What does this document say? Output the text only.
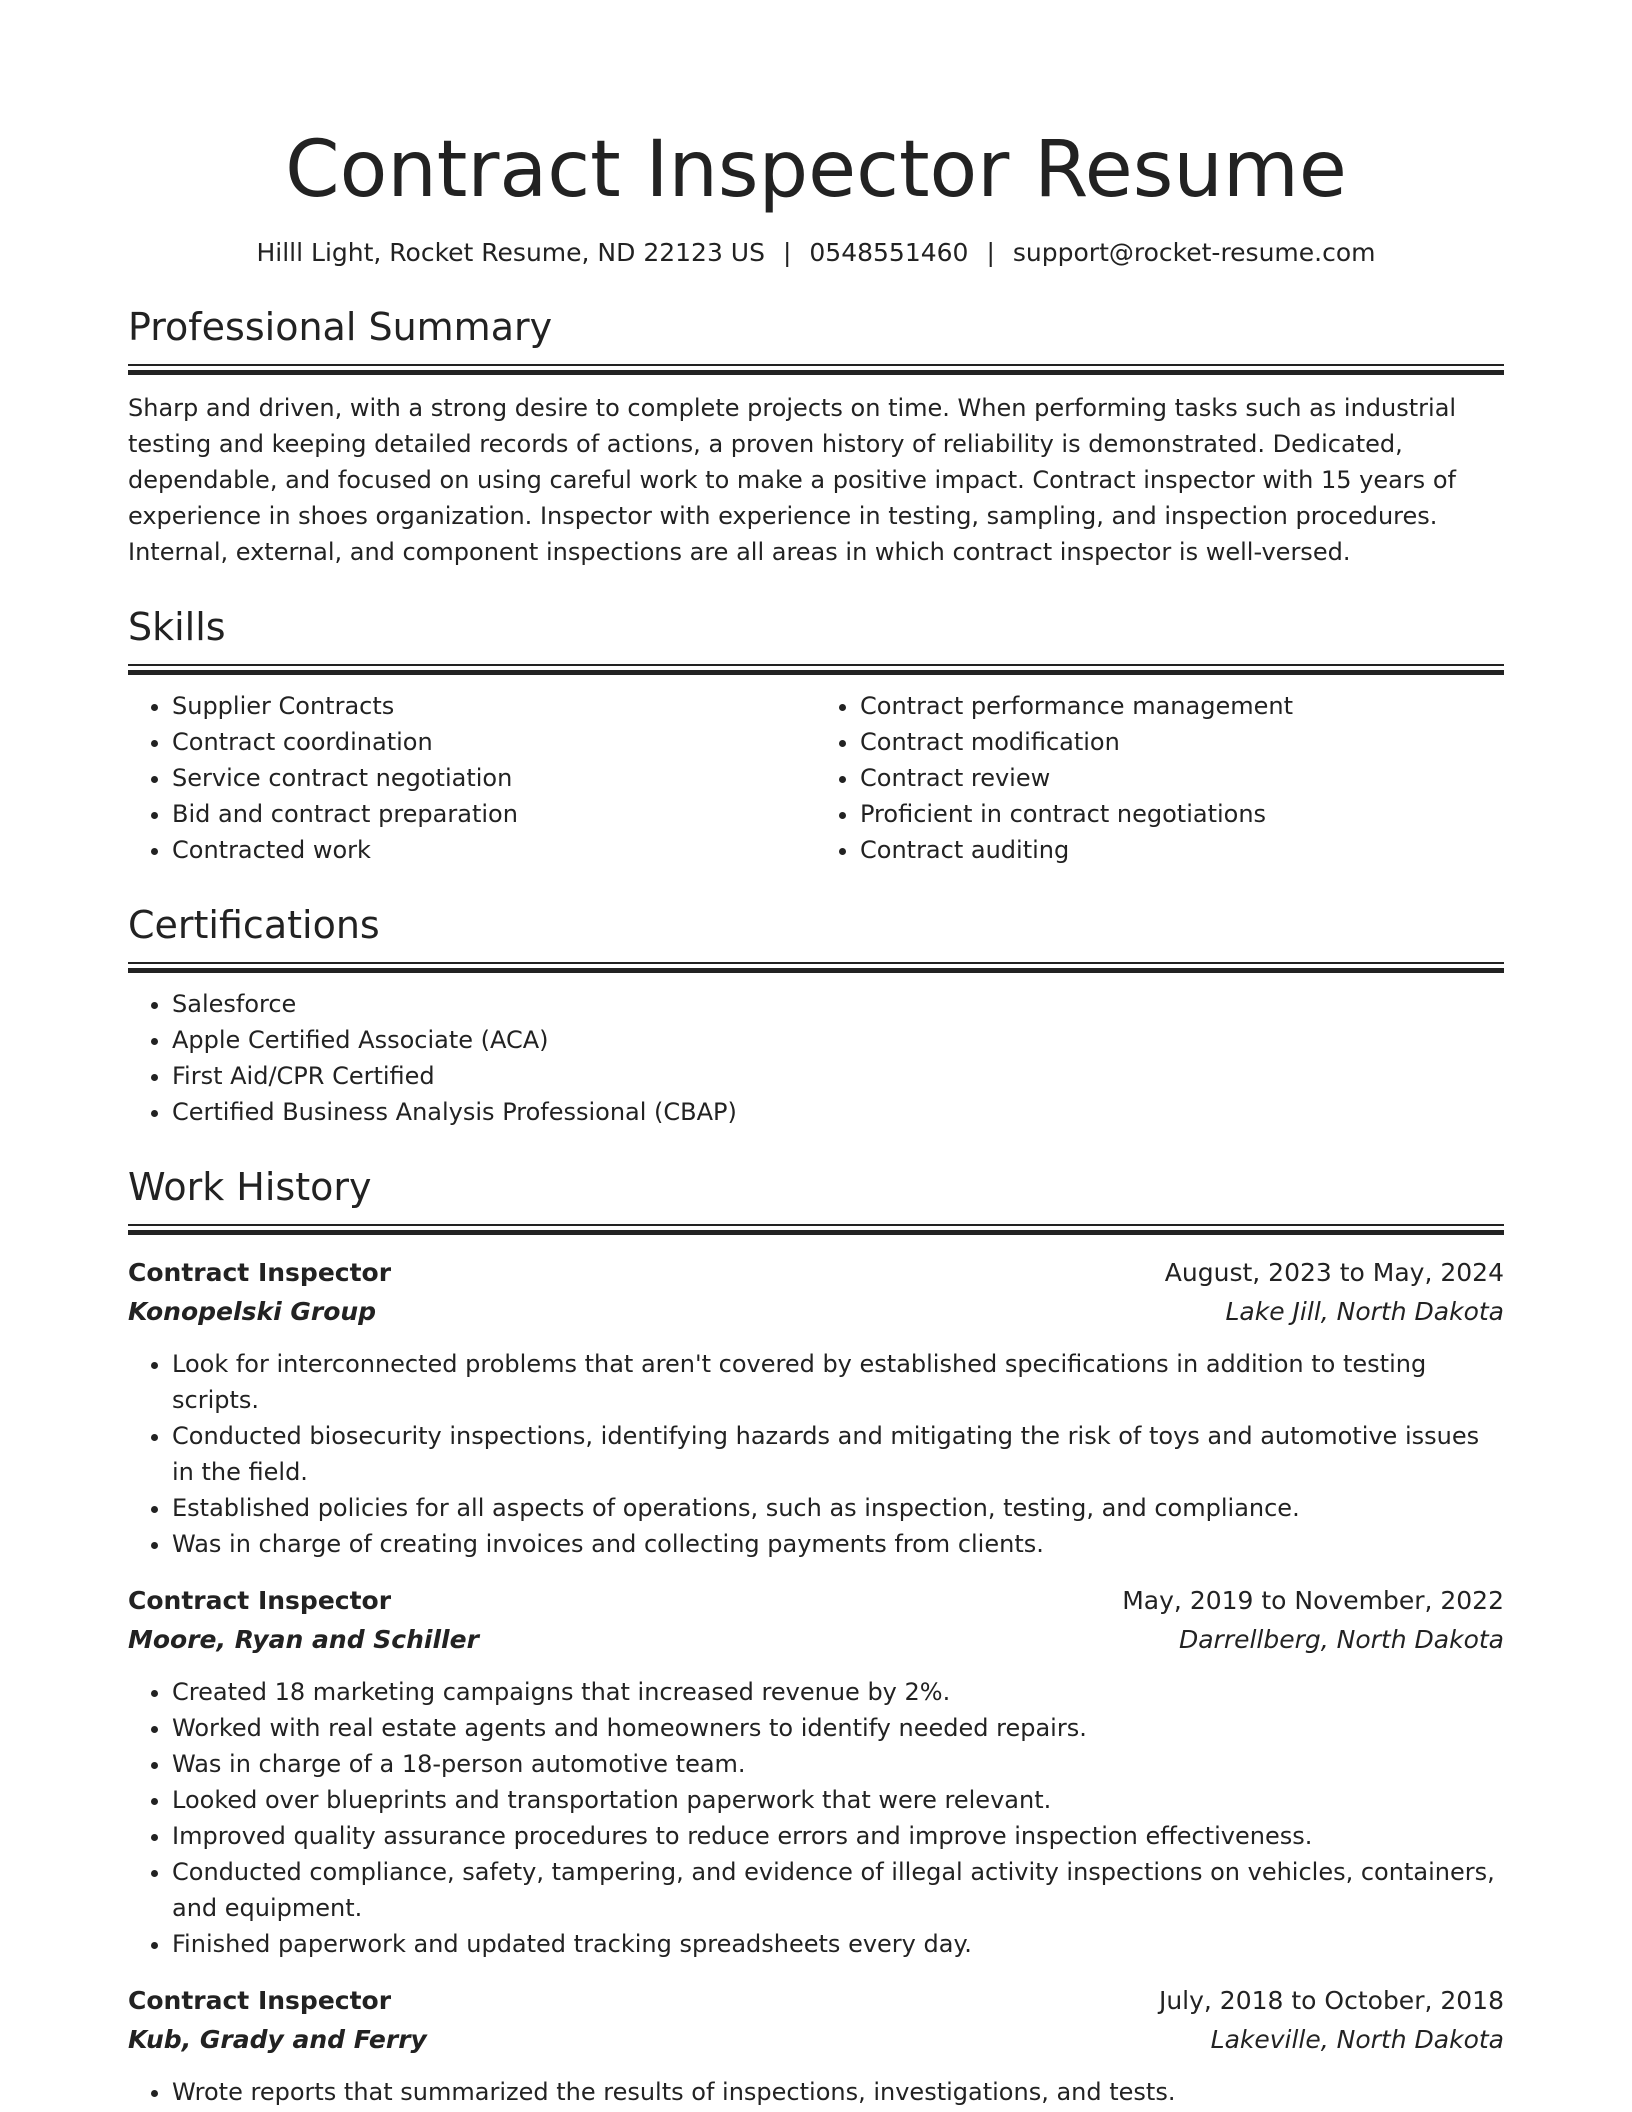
Contract Inspector Resume
Hilll Light, Rocket Resume, ND 22123 US | 0548551460 | support@rocket-resume.com
Professional Summary

Sharp and driven, with a strong desire to complete projects on time. When performing tasks such as industrial testing and keeping detailed records of actions, a proven history of reliability is demonstrated. Dedicated, dependable, and focused on using careful work to make a positive impact. Contract inspector with 15 years of experience in shoes organization. Inspector with experience in testing, sampling, and inspection procedures. Internal, external, and component inspections are all areas in which contract inspector is well-versed.

Skills
• Supplier Contracts
• Contract coordination
• Service contract negotiation
• Bid and contract preparation
• Contracted work
• Contract performance management
• Contract modification
• Contract review
• Proficient in contract negotiations
• Contract auditing
Certifications
• Salesforce
• Apple Certified Associate (ACA)
• First Aid/CPR Certified
• Certified Business Analysis Professional (CBAP)
Work History
Contract Inspector	August, 2023 to May, 2024
Konopelski Group	Lake Jill, North Dakota
• Look for interconnected problems that aren't covered by established specifications in addition to testing scripts.
• Conducted biosecurity inspections, identifying hazards and mitigating the risk of toys and automotive issues in the field.
• Established policies for all aspects of operations, such as inspection, testing, and compliance.
• Was in charge of creating invoices and collecting payments from clients.
Contract Inspector	May, 2019 to November, 2022
Moore, Ryan and Schiller	Darrellberg, North Dakota
• Created 18 marketing campaigns that increased revenue by 2%.
• Worked with real estate agents and homeowners to identify needed repairs.
• Was in charge of a 18-person automotive team.
• Looked over blueprints and transportation paperwork that were relevant.
• Improved quality assurance procedures to reduce errors and improve inspection effectiveness.
• Conducted compliance, safety, tampering, and evidence of illegal activity inspections on vehicles, containers, and equipment.
• Finished paperwork and updated tracking spreadsheets every day.
Contract Inspector	July, 2018 to October, 2018
Kub, Grady and Ferry	Lakeville, North Dakota
• Wrote reports that summarized the results of inspections, investigations, and tests.
